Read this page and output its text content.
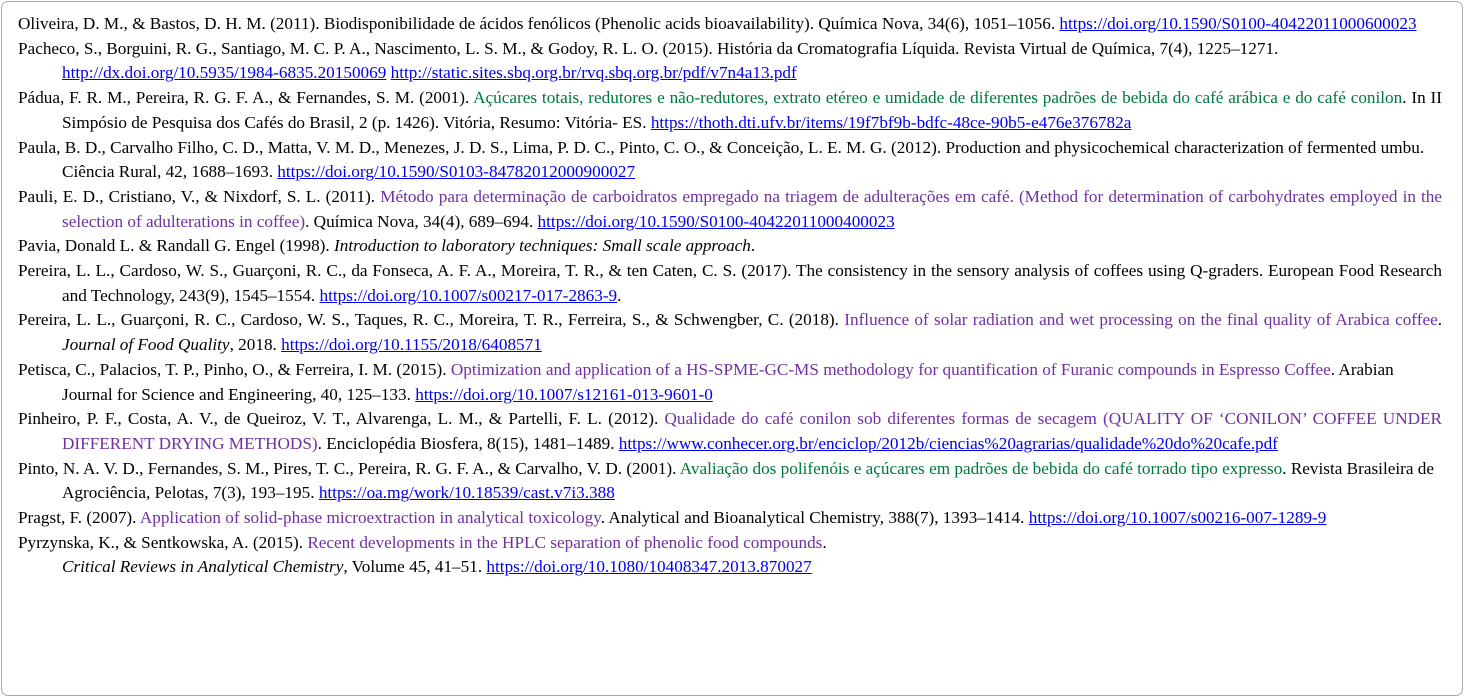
Oliveira, D. M., & Bastos, D. H. M. (2011). Biodisponibilidade de ácidos fenólicos (Phenolic acids bioavailability). Química Nova, 34(6), 1051–1056. https://doi.org/10.1590/S0100-40422011000600023

Pacheco, S., Borguini, R. G., Santiago, M. C. P. A., Nascimento, L. S. M., & Godoy, R. L. O. (2015). História da Cromatografia Líquida. Revista Virtual de Química, 7(4), 1225–1271. http://dx.doi.org/10.5935/1984-6835.20150069 http://static.sites.sbq.org.br/rvq.sbq.org.br/pdf/v7n4a13.pdf

Pádua, F. R. M., Pereira, R. G. F. A., & Fernandes, S. M. (2001). Açúcares totais, redutores e não-redutores, extrato etéreo e umidade de diferentes padrões de bebida do café arábica e do café conilon. In II Simpósio de Pesquisa dos Cafés do Brasil, 2 (p. 1426). Vitória, Resumo: Vitória- ES. https://thoth.dti.ufv.br/items/19f7bf9b-bdfc-48ce-90b5-e476e376782a

Paula, B. D., Carvalho Filho, C. D., Matta, V. M. D., Menezes, J. D. S., Lima, P. D. C., Pinto, C. O., & Conceição, L. E. M. G. (2012). Production and physicochemical characterization of fermented umbu. Ciência Rural, 42, 1688–1693. https://doi.org/10.1590/S0103-84782012000900027

Pauli, E. D., Cristiano, V., & Nixdorf, S. L. (2011). Método para determinação de carboidratos empregado na triagem de adulterações em café. (Method for determination of carbohydrates employed in the selection of adulterations in coffee). Química Nova, 34(4), 689–694. https://doi.org/10.1590/S0100-40422011000400023

Pavia, Donald L. & Randall G. Engel (1998). Introduction to laboratory techniques: Small scale approach.

Pereira, L. L., Cardoso, W. S., Guarçoni, R. C., da Fonseca, A. F. A., Moreira, T. R., & ten Caten, C. S. (2017). The consistency in the sensory analysis of coffees using Q-graders. European Food Research and Technology, 243(9), 1545–1554. https://doi.org/10.1007/s00217-017-2863-9.

Pereira, L. L., Guarçoni, R. C., Cardoso, W. S., Taques, R. C., Moreira, T. R., Ferreira, S., & Schwengber, C. (2018). Influence of solar radiation and wet processing on the final quality of Arabica coffee. Journal of Food Quality, 2018. https://doi.org/10.1155/2018/6408571

Petisca, C., Palacios, T. P., Pinho, O., & Ferreira, I. M. (2015). Optimization and application of a HS-SPME-GC-MS methodology for quantification of Furanic compounds in Espresso Coffee. Arabian Journal for Science and Engineering, 40, 125–133. https://doi.org/10.1007/s12161-013-9601-0

Pinheiro, P. F., Costa, A. V., de Queiroz, V. T., Alvarenga, L. M., & Partelli, F. L. (2012). Qualidade do café conilon sob diferentes formas de secagem (QUALITY OF ‘CONILON’ COFFEE UNDER DIFFERENT DRYING METHODS). Enciclopédia Biosfera, 8(15), 1481–1489. https://www.conhecer.org.br/enciclop/2012b/ciencias%20agrarias/qualidade%20do%20cafe.pdf

Pinto, N. A. V. D., Fernandes, S. M., Pires, T. C., Pereira, R. G. F. A., & Carvalho, V. D. (2001). Avaliação dos polifenóis e açúcares em padrões de bebida do café torrado tipo expresso. Revista Brasileira de Agrociência, Pelotas, 7(3), 193–195. https://oa.mg/work/10.18539/cast.v7i3.388

Pragst, F. (2007). Application of solid-phase microextraction in analytical toxicology. Analytical and Bioanalytical Chemistry, 388(7), 1393–1414. https://doi.org/10.1007/s00216-007-1289-9

Pyrzynska, K., & Sentkowska, A. (2015). Recent developments in the HPLC separation of phenolic food compounds.
Critical Reviews in Analytical Chemistry, Volume 45, 41–51. https://doi.org/10.1080/10408347.2013.870027
